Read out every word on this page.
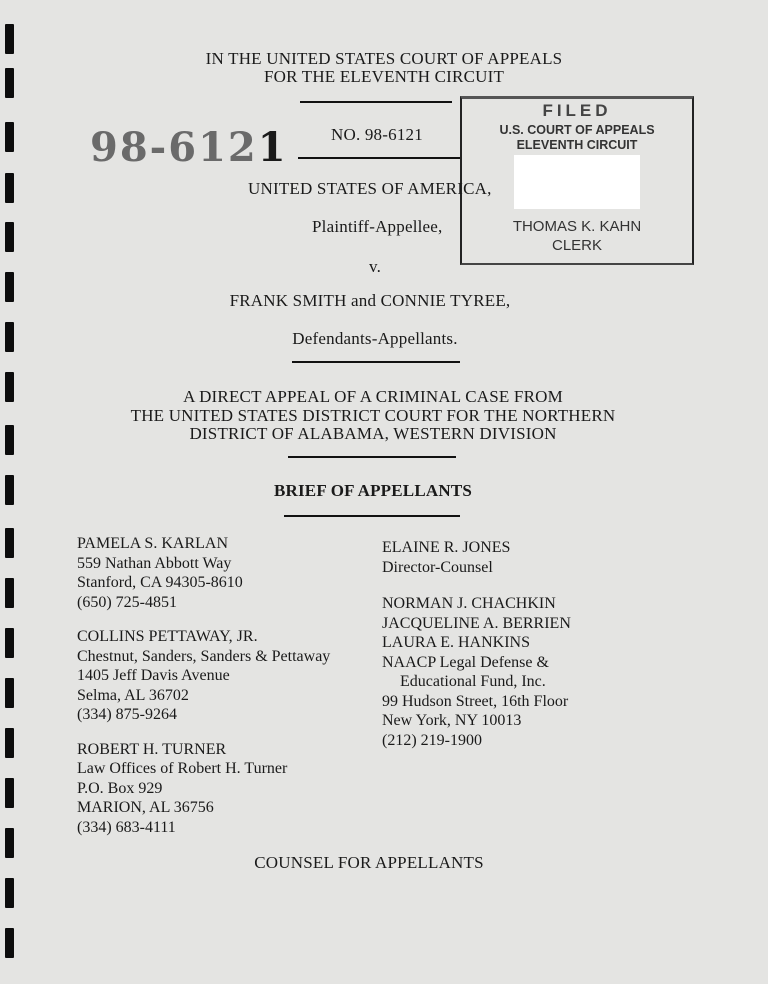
IN THE UNITED STATES COURT OF APPEALS
FOR THE ELEVENTH CIRCUIT
98-6121	NO. 98-6121
FILED
U.S. COURT OF APPEALS
ELEVENTH CIRCUIT
THOMAS K. KAHN
CLERK
UNITED STATES OF AMERICA,
Plaintiff-Appellee,
v.
FRANK SMITH and CONNIE TYREE,
Defendants-Appellants.
A DIRECT APPEAL OF A CRIMINAL CASE FROM
THE UNITED STATES DISTRICT COURT FOR THE NORTHERN
DISTRICT OF ALABAMA, WESTERN DIVISION
BRIEF OF APPELLANTS
PAMELA S. KARLAN
559 Nathan Abbott Way
Stanford, CA 94305-8610
(650) 725-4851
COLLINS PETTAWAY, JR.
Chestnut, Sanders, Sanders & Pettaway
1405 Jeff Davis Avenue
Selma, AL 36702
(334) 875-9264
ROBERT H. TURNER
Law Offices of Robert H. Turner
P.O. Box 929
MARION, AL 36756
(334) 683-4111
ELAINE R. JONES
Director-Counsel
NORMAN J. CHACHKIN
JACQUELINE A. BERRIEN
LAURA E. HANKINS
NAACP Legal Defense &
Educational Fund, Inc.
99 Hudson Street, 16th Floor
New York, NY 10013
(212) 219-1900
COUNSEL FOR APPELLANTS
